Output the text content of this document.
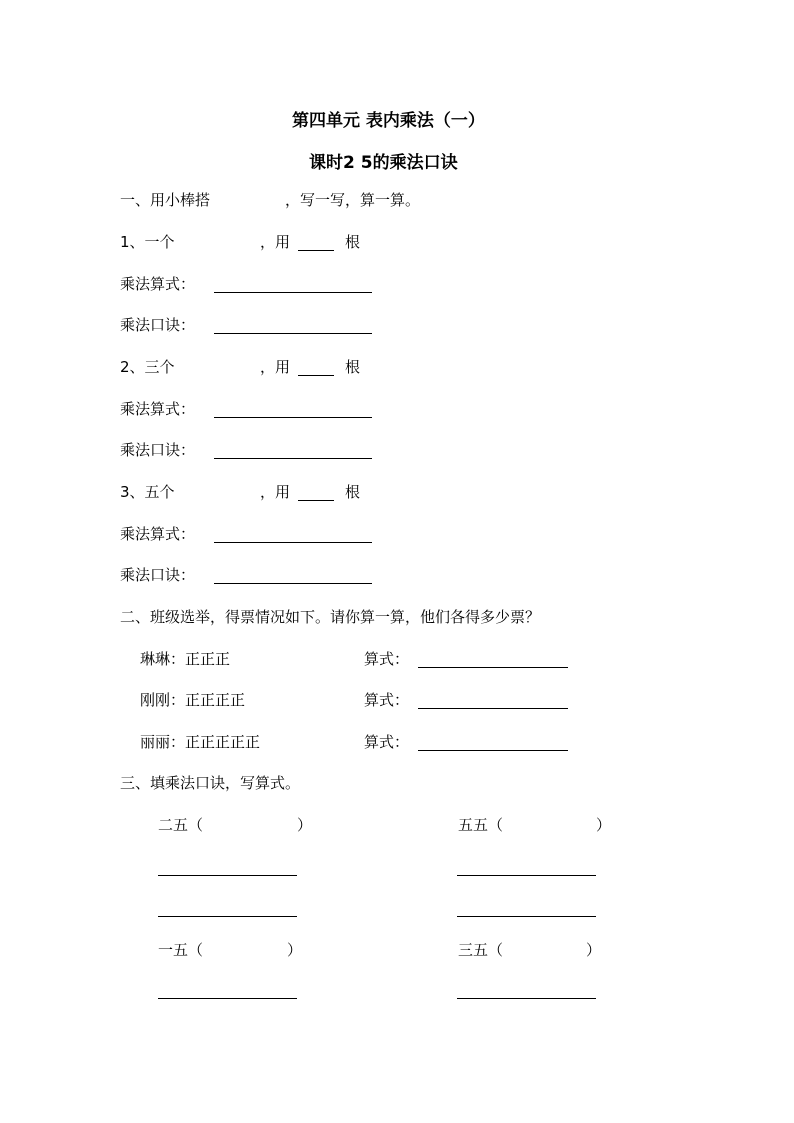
第四单元 表内乘法（一）
课时2 5的乘法口诀
一、用小棒搭	，写一写，算一算。
1、一个	，用	根
乘法算式：
乘法口诀：
2、三个	，用	根
乘法算式：
乘法口诀：
3、五个	，用	根
乘法算式：
乘法口诀：
二、班级选举，得票情况如下。请你算一算，他们各得多少票？
琳琳：正正正	算式：
刚刚：正正正正	算式：
丽丽：正正正正正	算式：
三、填乘法口诀，写算式。
二五（	）	五五（	）
一五（	）	三五（	）
